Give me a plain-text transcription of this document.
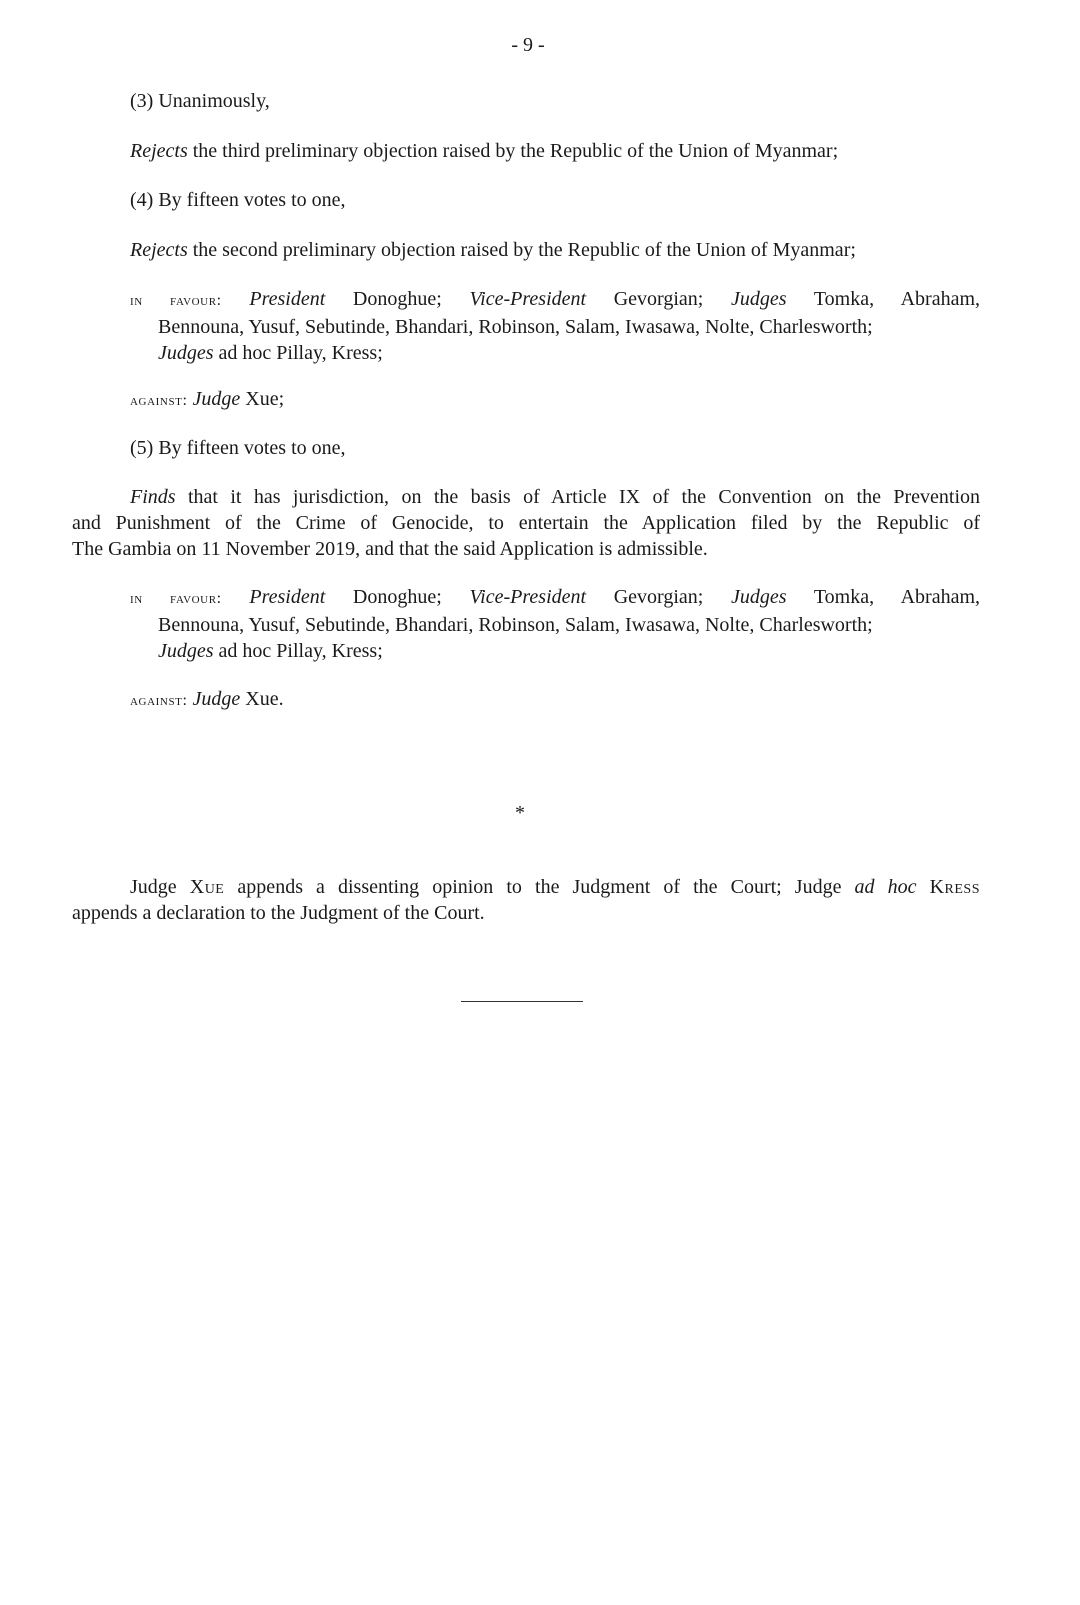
- 9 -

(3) Unanimously,

Rejects the third preliminary objection raised by the Republic of the Union of Myanmar;

(4) By fifteen votes to one,

Rejects the second preliminary objection raised by the Republic of the Union of Myanmar;

in favour: President Donoghue; Vice-President Gevorgian; Judges Tomka, Abraham,
Bennouna, Yusuf, Sebutinde, Bhandari, Robinson, Salam, Iwasawa, Nolte, Charlesworth;
Judges ad hoc Pillay, Kress;

against: Judge Xue;

(5) By fifteen votes to one,

Finds that it has jurisdiction, on the basis of Article IX of the Convention on the Prevention
and Punishment of the Crime of Genocide, to entertain the Application filed by the Republic of
The Gambia on 11 November 2019, and that the said Application is admissible.
in favour: President Donoghue; Vice-President Gevorgian; Judges Tomka, Abraham,
Bennouna, Yusuf, Sebutinde, Bhandari, Robinson, Salam, Iwasawa, Nolte, Charlesworth;
Judges ad hoc Pillay, Kress;

against: Judge Xue.

*
Judge Xue appends a dissenting opinion to the Judgment of the Court; Judge ad hoc Kress
appends a declaration to the Judgment of the Court.
